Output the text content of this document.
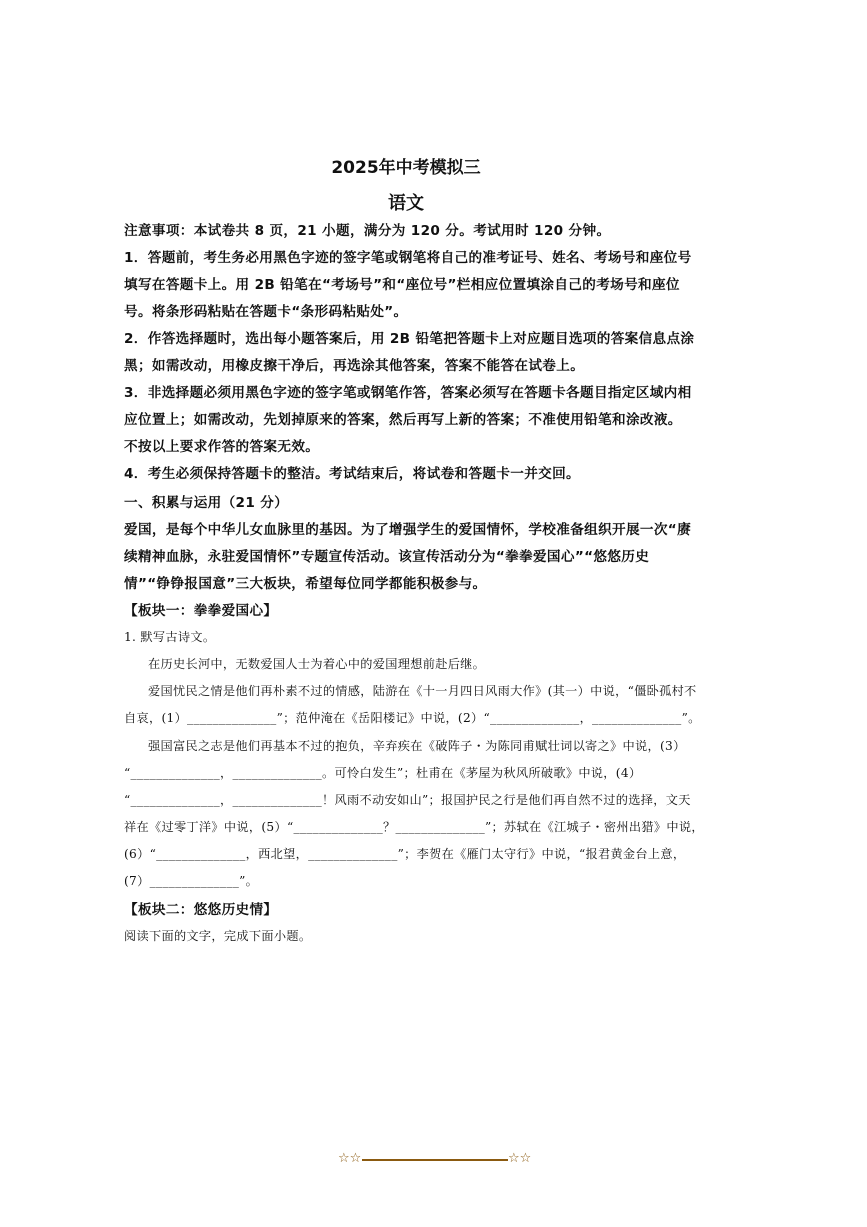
2025年中考模拟三
语文
注意事项：本试卷共 8 页，21 小题，满分为 120 分。考试用时 120 分钟。
1．答题前，考生务必用黑色字迹的签字笔或钢笔将自己的准考证号、姓名、考场号和座位号
填写在答题卡上。用 2B 铅笔在“考场号”和“座位号”栏相应位置填涂自己的考场号和座位
号。将条形码粘贴在答题卡“条形码粘贴处”。
2．作答选择题时，选出每小题答案后，用 2B 铅笔把答题卡上对应题目选项的答案信息点涂
黑；如需改动，用橡皮擦干净后，再选涂其他答案，答案不能答在试卷上。
3．非选择题必须用黑色字迹的签字笔或钢笔作答，答案必须写在答题卡各题目指定区域内相
应位置上；如需改动，先划掉原来的答案，然后再写上新的答案；不准使用铅笔和涂改液。
不按以上要求作答的答案无效。
4．考生必须保持答题卡的整洁。考试结束后，将试卷和答题卡一并交回。
一、积累与运用（21 分）
爱国，是每个中华儿女血脉里的基因。为了增强学生的爱国情怀，学校准备组织开展一次“赓
续精神血脉，永驻爱国情怀”专题宣传活动。该宣传活动分为“拳拳爱国心”“悠悠历史
情”“铮铮报国意”三大板块，希望每位同学都能积极参与。
【板块一：拳拳爱国心】
1. 默写古诗文。
在历史长河中，无数爱国人士为着心中的爱国理想前赴后继。
爱国忧民之情是他们再朴素不过的情感，陆游在《十一月四日风雨大作》(其一）中说，“僵卧孤村不
自哀，(1）______________”；范仲淹在《岳阳楼记》中说，(2）“______________，______________”。
强国富民之志是他们再基本不过的抱负，辛弃疾在《破阵子・为陈同甫赋壮词以寄之》中说，(3）
“______________，______________。可怜白发生”；杜甫在《茅屋为秋风所破歌》中说，(4）
“______________，______________！风雨不动安如山”；报国护民之行是他们再自然不过的选择，文天
祥在《过零丁洋》中说，(5）“______________？______________”；苏轼在《江城子・密州出猎》中说，
(6）“______________，西北望，______________”；李贺在《雁门太守行》中说，“报君黄金台上意，
(7）______________”。
【板块二：悠悠历史情】
阅读下面的文字，完成下面小题。
☆☆	☆☆
